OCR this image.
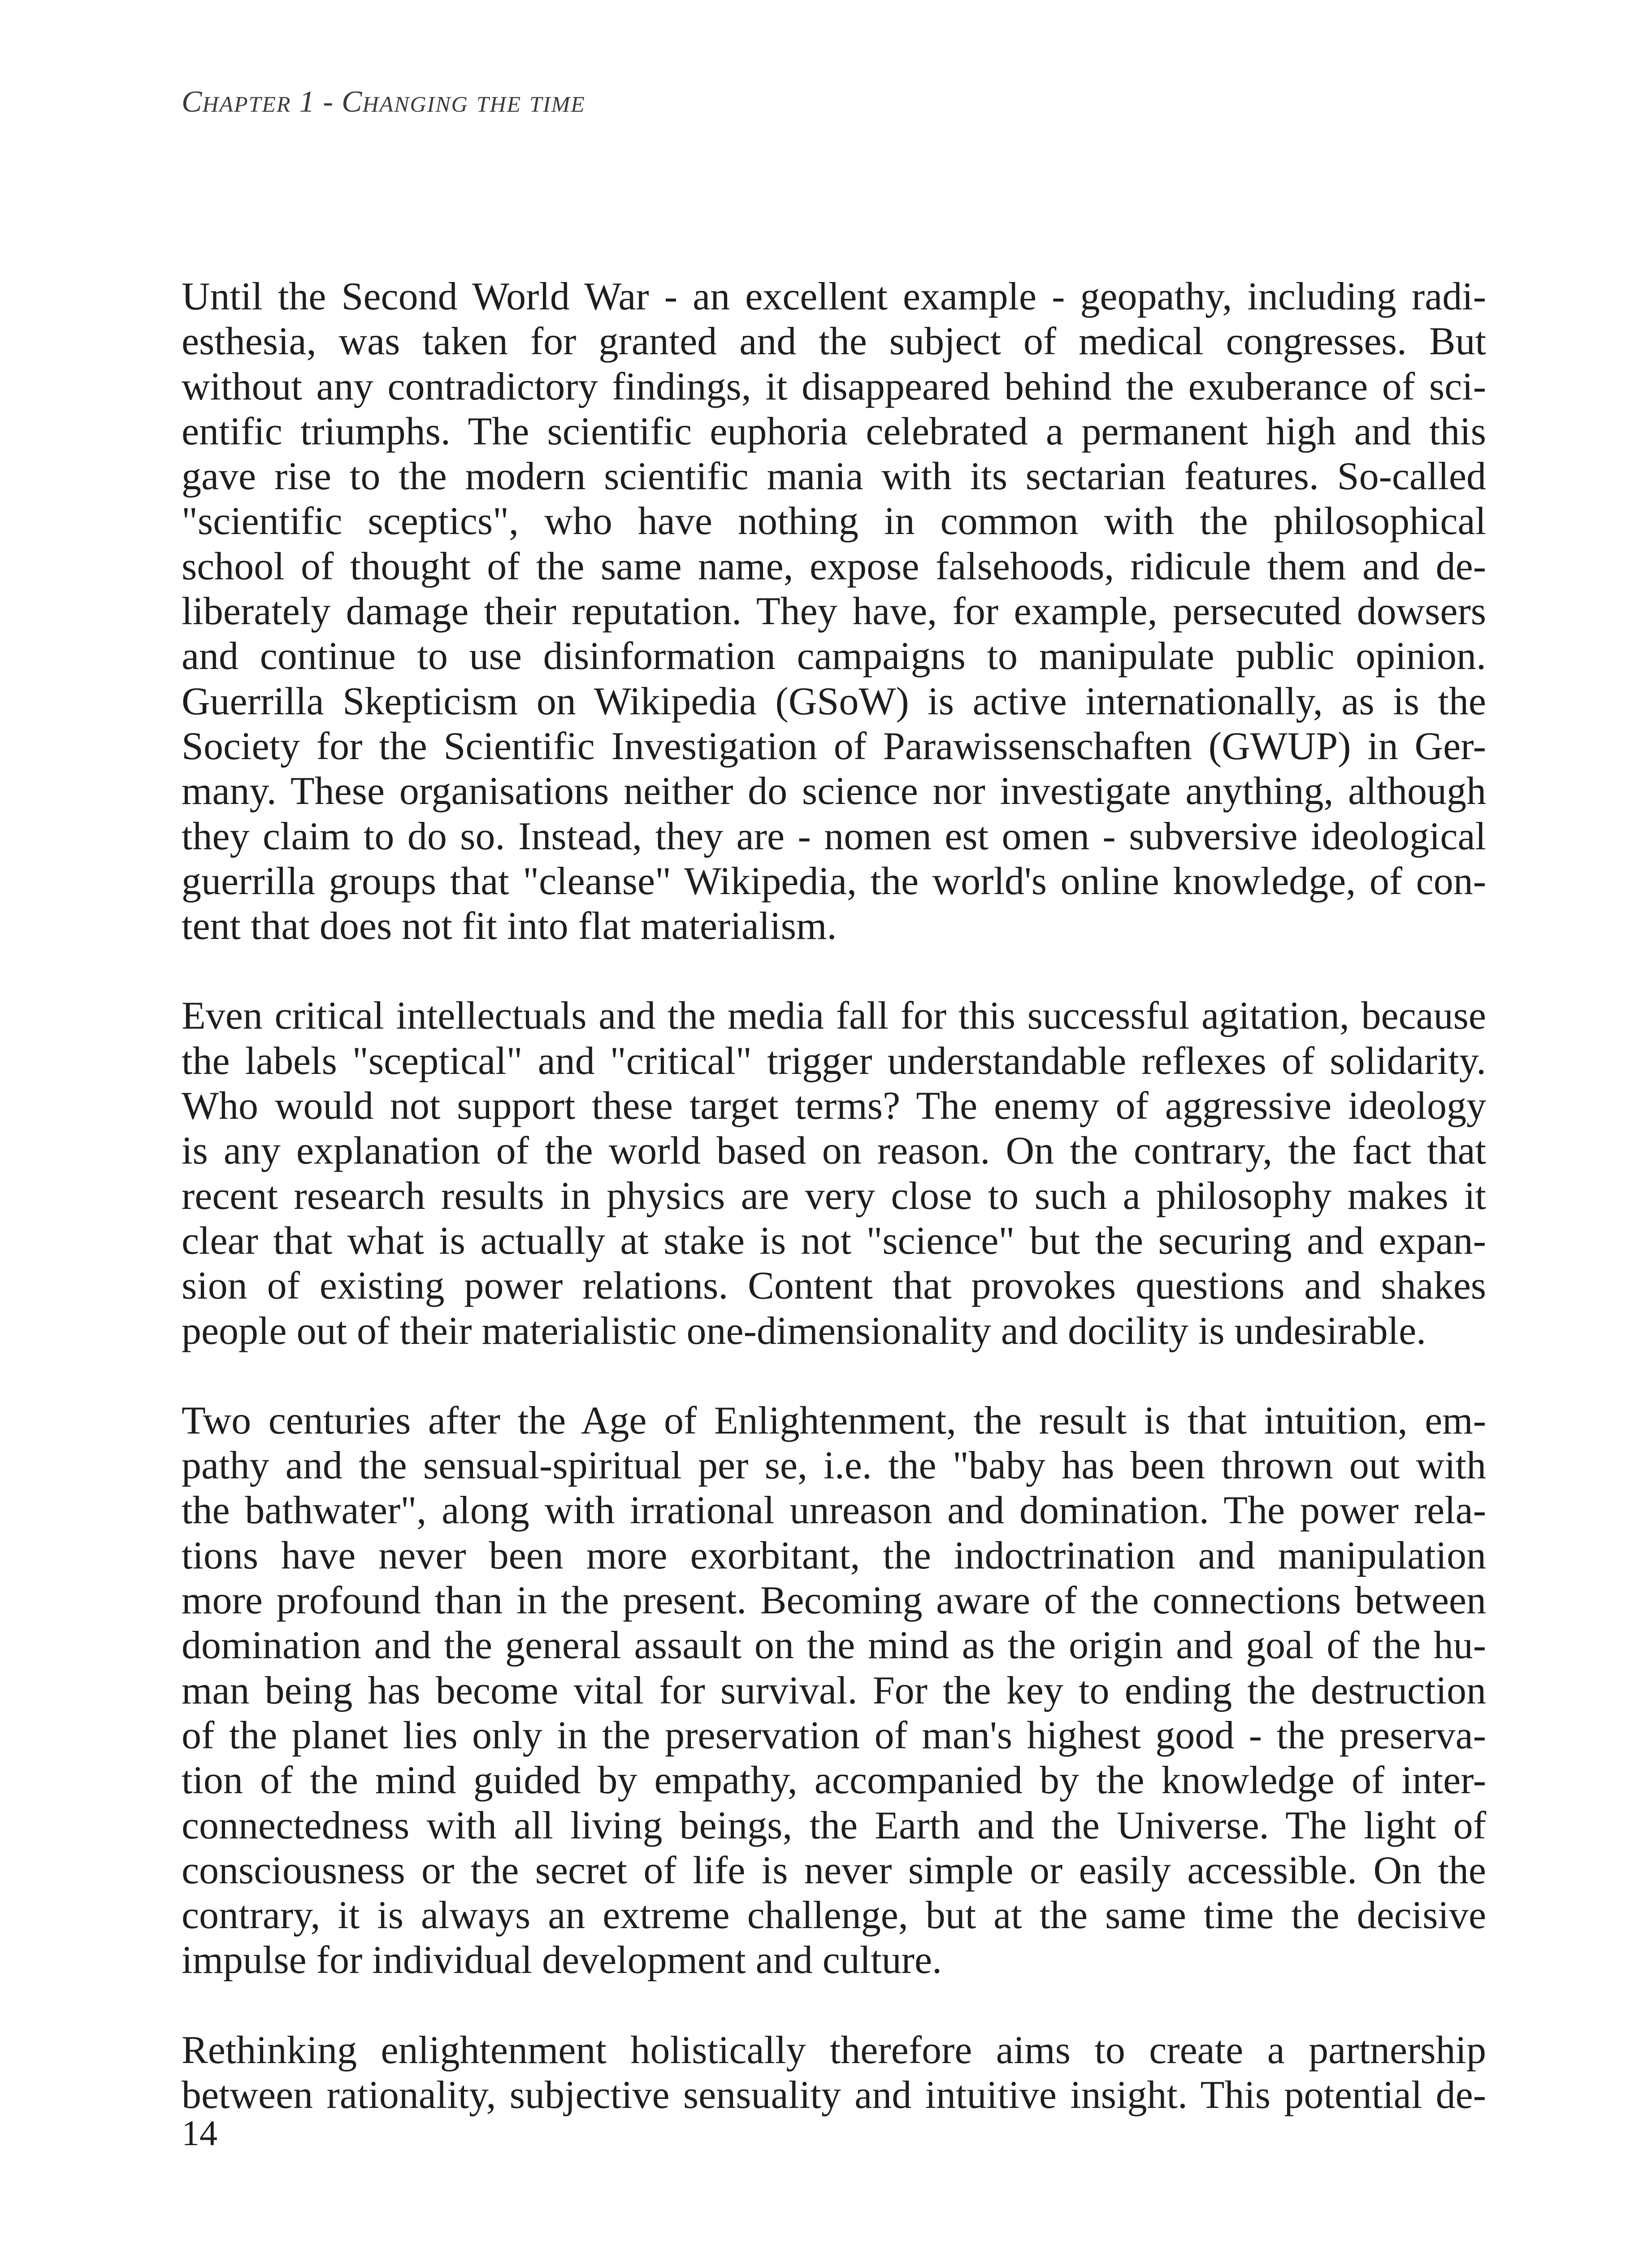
CHAPTER 1 - CHANGING THE TIME

Until the Second World War - an excellent example - geopathy, including radi-
esthesia, was taken for granted and the subject of medical congresses. But
without any contradictory findings, it disappeared behind the exuberance of sci-
entific triumphs. The scientific euphoria celebrated a permanent high and this
gave rise to the modern scientific mania with its sectarian features. So-called
"scientific sceptics", who have nothing in common with the philosophical
school of thought of the same name, expose falsehoods, ridicule them and de-
liberately damage their reputation. They have, for example, persecuted dowsers
and continue to use disinformation campaigns to manipulate public opinion.
Guerrilla Skepticism on Wikipedia (GSoW) is active internationally, as is the
Society for the Scientific Investigation of Parawissenschaften (GWUP) in Ger-
many. These organisations neither do science nor investigate anything, although
they claim to do so. Instead, they are - nomen est omen - subversive ideological
guerrilla groups that "cleanse" Wikipedia, the world's online knowledge, of con-
tent that does not fit into flat materialism.

Even critical intellectuals and the media fall for this successful agitation, because
the labels "sceptical" and "critical" trigger understandable reflexes of solidarity.
Who would not support these target terms? The enemy of aggressive ideology
is any explanation of the world based on reason. On the contrary, the fact that
recent research results in physics are very close to such a philosophy makes it
clear that what is actually at stake is not "science" but the securing and expan-
sion of existing power relations. Content that provokes questions and shakes
people out of their materialistic one-dimensionality and docility is undesirable.

Two centuries after the Age of Enlightenment, the result is that intuition, em-
pathy and the sensual-spiritual per se, i.e. the "baby has been thrown out with
the bathwater", along with irrational unreason and domination. The power rela-
tions have never been more exorbitant, the indoctrination and manipulation
more profound than in the present. Becoming aware of the connections between
domination and the general assault on the mind as the origin and goal of the hu-
man being has become vital for survival. For the key to ending the destruction
of the planet lies only in the preservation of man's highest good - the preserva-
tion of the mind guided by empathy, accompanied by the knowledge of inter-
connectedness with all living beings, the Earth and the Universe. The light of
consciousness or the secret of life is never simple or easily accessible. On the
contrary, it is always an extreme challenge, but at the same time the decisive
impulse for individual development and culture.

Rethinking enlightenment holistically therefore aims to create a partnership
between rationality, subjective sensuality and intuitive insight. This potential de-

14
